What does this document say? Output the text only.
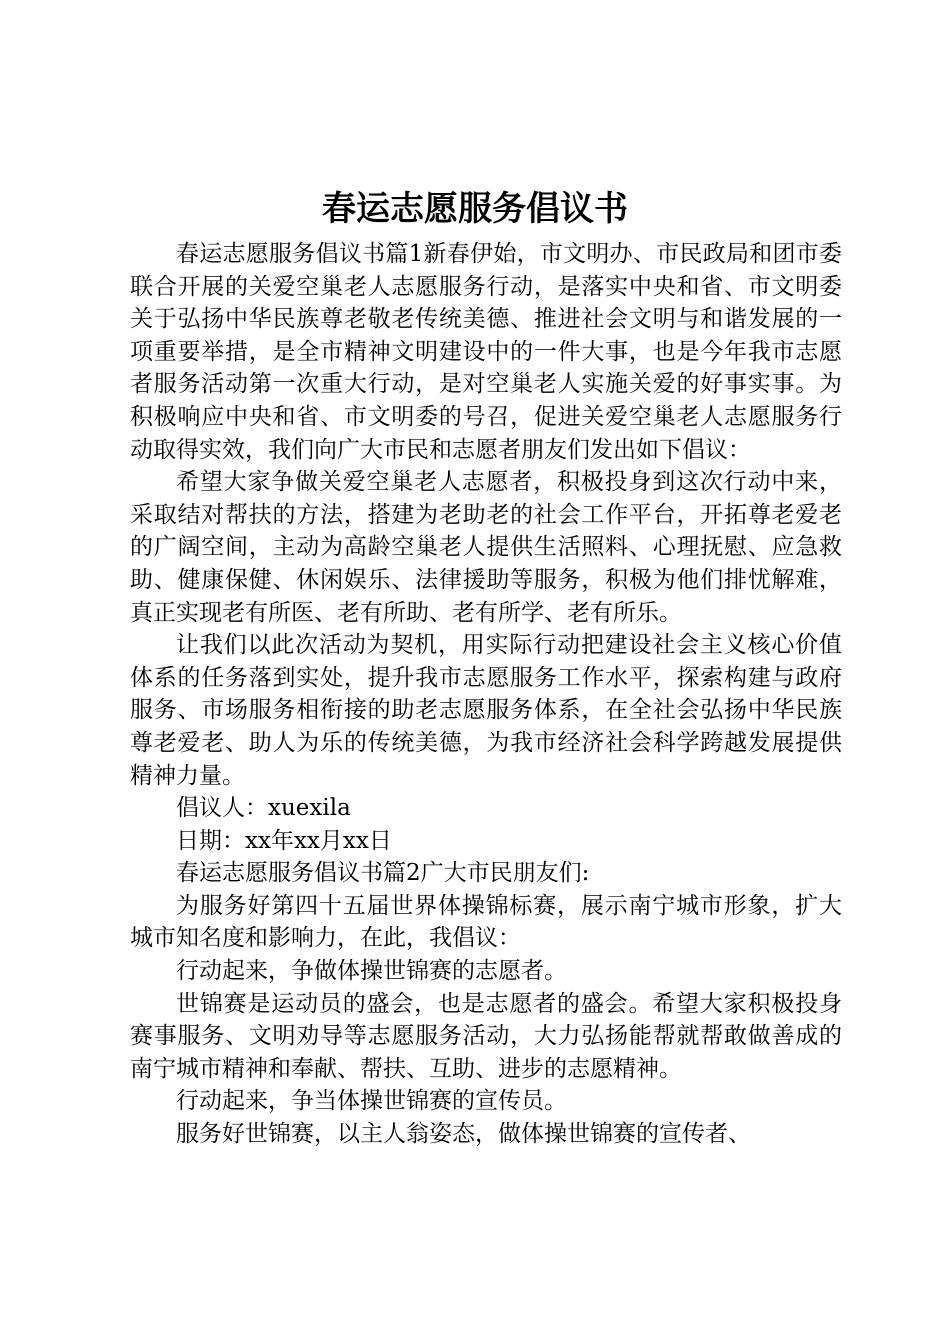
春运志愿服务倡议书

春运志愿服务倡议书篇1新春伊始，市文明办、市民政局和团市委联合开展的关爱空巢老人志愿服务行动，是落实中央和省、市文明委关于弘扬中华民族尊老敬老传统美德、推进社会文明与和谐发展的一项重要举措，是全市精神文明建设中的一件大事，也是今年我市志愿者服务活动第一次重大行动，是对空巢老人实施关爱的好事实事。为积极响应中央和省、市文明委的号召，促进关爱空巢老人志愿服务行动取得实效，我们向广大市民和志愿者朋友们发出如下倡议：

希望大家争做关爱空巢老人志愿者，积极投身到这次行动中来，采取结对帮扶的方法，搭建为老助老的社会工作平台，开拓尊老爱老的广阔空间，主动为高龄空巢老人提供生活照料、心理抚慰、应急救助、健康保健、休闲娱乐、法律援助等服务，积极为他们排忧解难，真正实现老有所医、老有所助、老有所学、老有所乐。

让我们以此次活动为契机，用实际行动把建设社会主义核心价值体系的任务落到实处，提升我市志愿服务工作水平，探索构建与政府服务、市场服务相衔接的助老志愿服务体系，在全社会弘扬中华民族尊老爱老、助人为乐的传统美德，为我市经济社会科学跨越发展提供精神力量。

倡议人：xuexila

日期：xx年xx月xx日

春运志愿服务倡议书篇2广大市民朋友们:

为服务好第四十五届世界体操锦标赛，展示南宁城市形象，扩大城市知名度和影响力，在此，我倡议：

行动起来，争做体操世锦赛的志愿者。

世锦赛是运动员的盛会，也是志愿者的盛会。希望大家积极投身赛事服务、文明劝导等志愿服务活动，大力弘扬能帮就帮敢做善成的南宁城市精神和奉献、帮扶、互助、进步的志愿精神。

行动起来，争当体操世锦赛的宣传员。

服务好世锦赛，以主人翁姿态，做体操世锦赛的宣传者、
